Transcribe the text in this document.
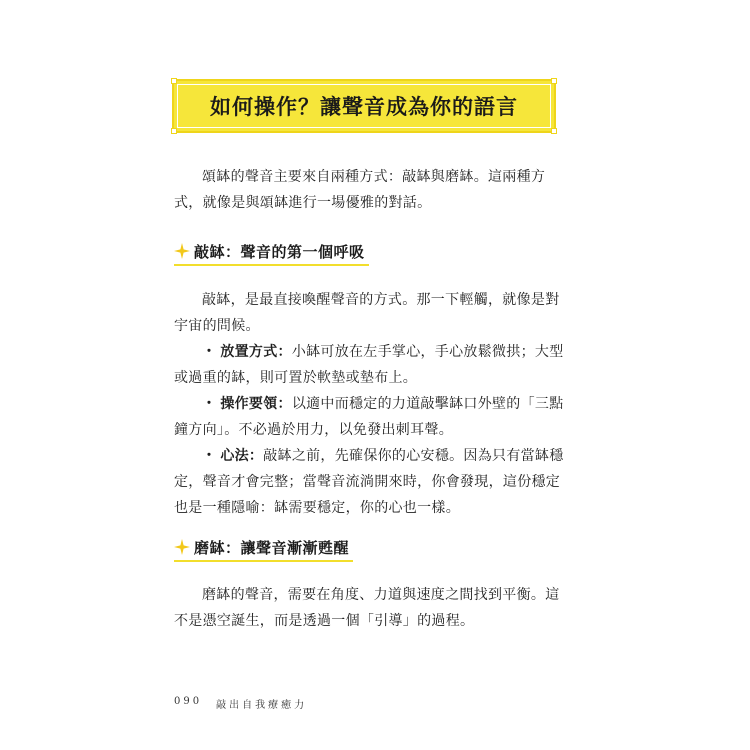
如何操作？讓聲音成為你的語言

頌缽的聲音主要來自兩種方式：敲缽與磨缽。這兩種方式，就像是與頌缽進行一場優雅的對話。

敲缽：聲音的第一個呼吸

敲缽，是最直接喚醒聲音的方式。那一下輕觸，就像是對宇宙的問候。

・ 放置方式：小缽可放在左手掌心，手心放鬆微拱；大型或過重的缽，則可置於軟墊或墊布上。

・ 操作要領：以適中而穩定的力道敲擊缽口外壁的「三點鐘方向」。不必過於用力，以免發出刺耳聲。

・ 心法：敲缽之前，先確保你的心安穩。因為只有當缽穩定，聲音才會完整；當聲音流淌開來時，你會發現，這份穩定也是一種隱喻：缽需要穩定，你的心也一樣。

磨缽：讓聲音漸漸甦醒

磨缽的聲音，需要在角度、力道與速度之間找到平衡。這不是憑空誕生，而是透過一個「引導」的過程。

090 敲出自我療癒力
